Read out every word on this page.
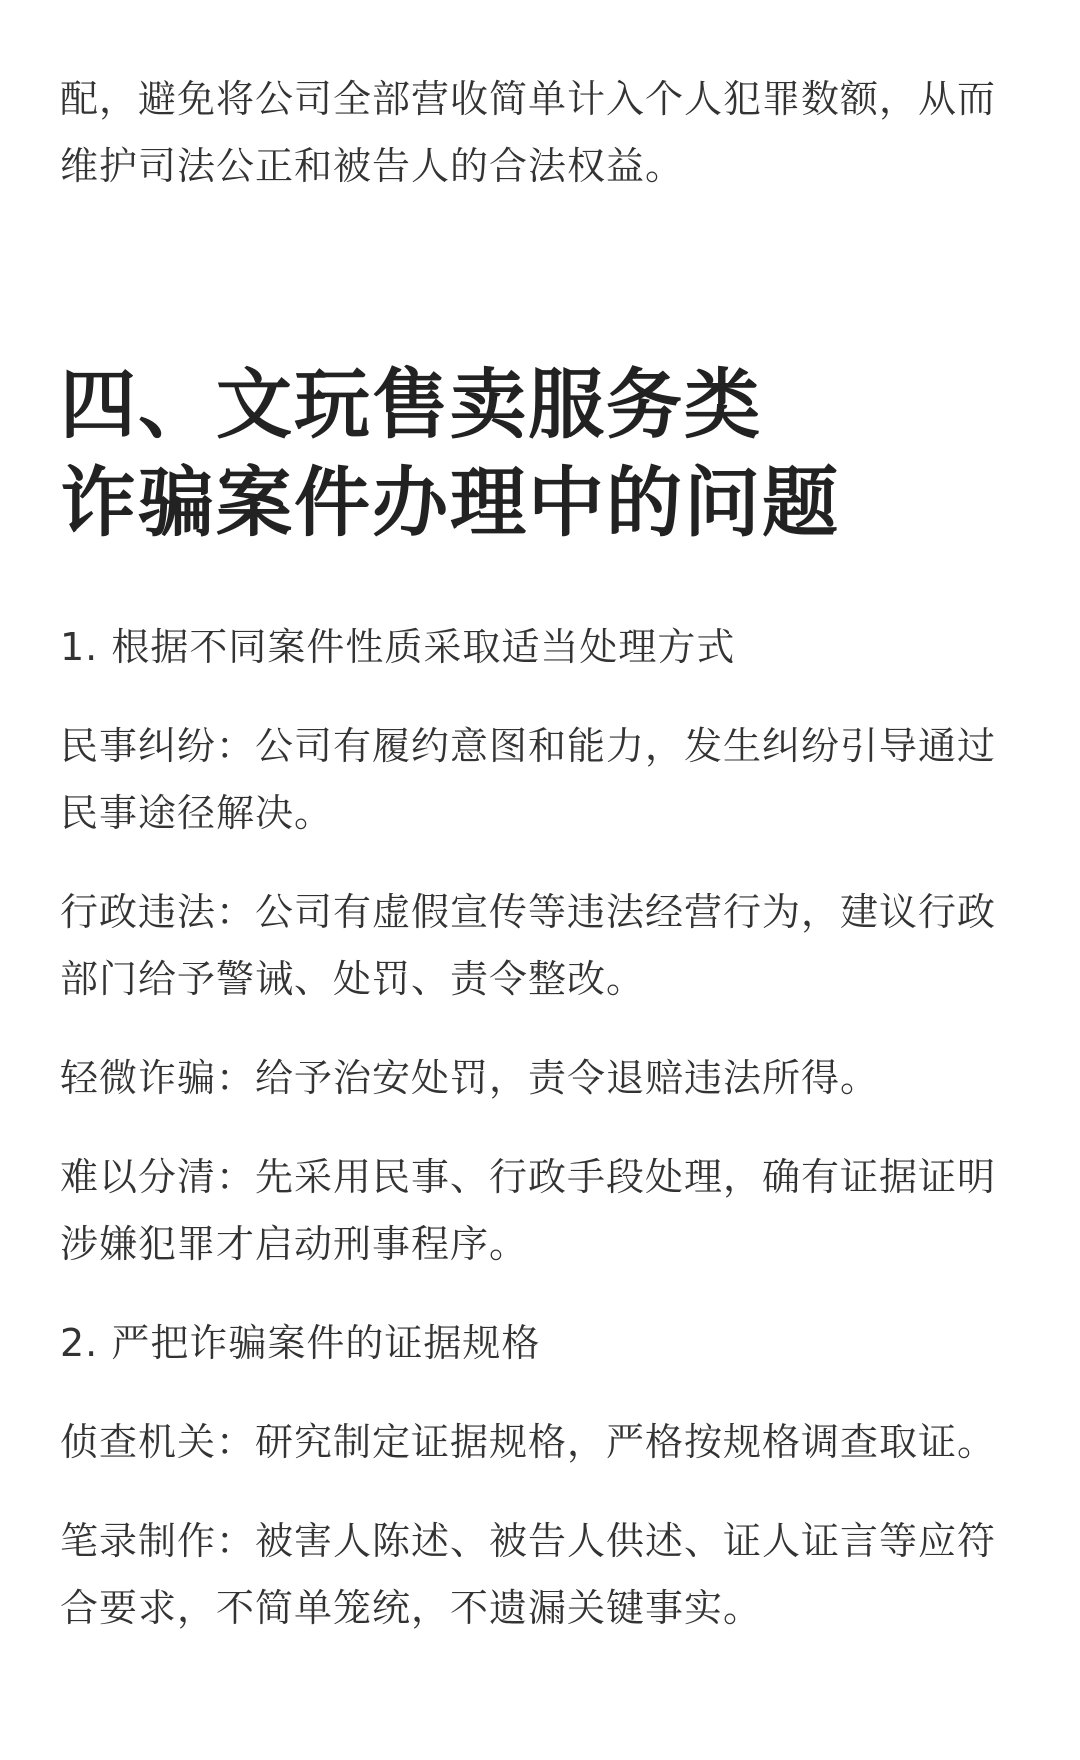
配，避免将公司全部营收简单计入个人犯罪数额，从而维护司法公正和被告人的合法权益。

四、文玩售卖服务类
诈骗案件办理中的问题

1. 根据不同案件性质采取适当处理方式

民事纠纷：公司有履约意图和能力，发生纠纷引导通过民事途径解决。

行政违法：公司有虚假宣传等违法经营行为，建议行政部门给予警诫、处罚、责令整改。

轻微诈骗：给予治安处罚，责令退赔违法所得。

难以分清：先采用民事、行政手段处理，确有证据证明涉嫌犯罪才启动刑事程序。

2. 严把诈骗案件的证据规格

侦查机关：研究制定证据规格，严格按规格调查取证。

笔录制作：被害人陈述、被告人供述、证人证言等应符合要求，不简单笼统，不遗漏关键事实。
